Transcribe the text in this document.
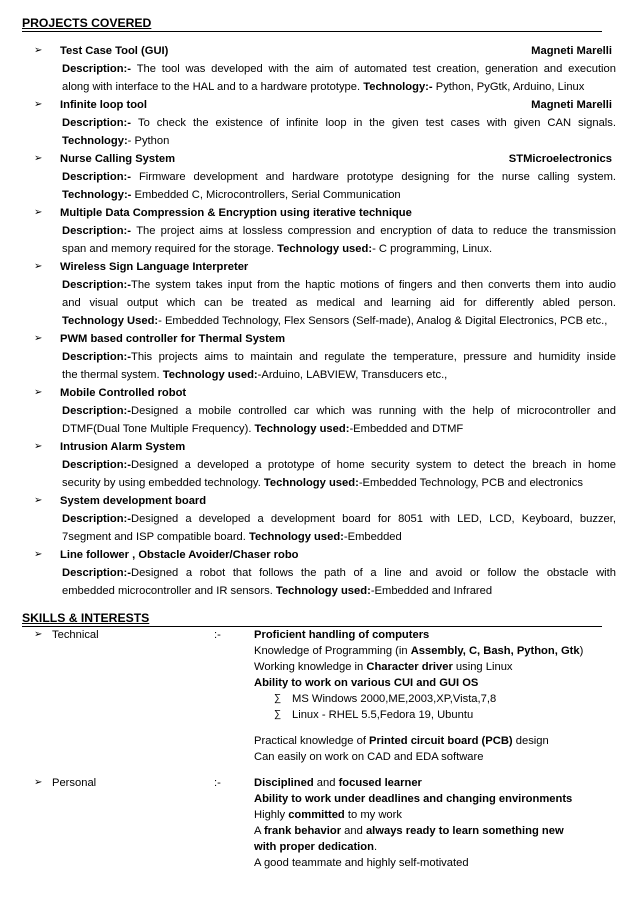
PROJECTS COVERED
➢	Test Case Tool (GUI)	Magneti Marelli
Description:- The tool was developed with the aim of automated test creation, generation and execution
along with interface to the HAL and to a hardware prototype. Technology:- Python, PyGtk, Arduino, Linux
➢	Infinite loop tool	Magneti Marelli
Description:- To check the existence of infinite loop in the given test cases with given CAN signals.
Technology:- Python
➢	Nurse Calling System	STMicroelectronics
Description:- Firmware development and hardware prototype designing for the nurse calling system.
Technology:- Embedded C, Microcontrollers, Serial Communication
➢	Multiple Data Compression & Encryption using iterative technique
Description:- The project aims at lossless compression and encryption of data to reduce the transmission
span and memory required for the storage. Technology used:- C programming, Linux.
➢	Wireless Sign Language Interpreter
Description:-The system takes input from the haptic motions of fingers and then converts them into audio
and visual output which can be treated as medical and learning aid for differently abled person.
Technology Used:- Embedded Technology, Flex Sensors (Self-made), Analog & Digital Electronics, PCB etc.,
➢	PWM based controller for Thermal System
Description:-This projects aims to maintain and regulate the temperature, pressure and humidity inside
the thermal system. Technology used:-Arduino, LABVIEW, Transducers etc.,
➢	Mobile Controlled robot
Description:-Designed a mobile controlled car which was running with the help of microcontroller and
DTMF(Dual Tone Multiple Frequency). Technology used:-Embedded and DTMF
➢	Intrusion Alarm System
Description:-Designed a developed a prototype of home security system to detect the breach in home
security by using embedded technology. Technology used:-Embedded Technology, PCB and electronics
➢	System development board
Description:-Designed a developed a development board for 8051 with LED, LCD, Keyboard, buzzer,
7segment and ISP compatible board. Technology used:-Embedded
➢	Line follower , Obstacle Avoider/Chaser robo
Description:-Designed a robot that follows the path of a line and avoid or follow the obstacle with
embedded microcontroller and IR sensors. Technology used:-Embedded and Infrared
SKILLS & INTERESTS
➢ Technical	:-	Proficient handling of computers
Knowledge of Programming (in Assembly, C, Bash, Python, Gtk)
Working knowledge in Character driver using Linux
Ability to work on various CUI and GUI OS
∑ MS Windows 2000,ME,2003,XP,Vista,7,8
∑ Linux - RHEL 5.5,Fedora 19, Ubuntu
Practical knowledge of Printed circuit board (PCB) design
Can easily on work on CAD and EDA software
➢ Personal	:-	Disciplined and focused learner
Ability to work under deadlines and changing environments
Highly committed to my work
A frank behavior and always ready to learn something new
with proper dedication.
A good teammate and highly self-motivated
